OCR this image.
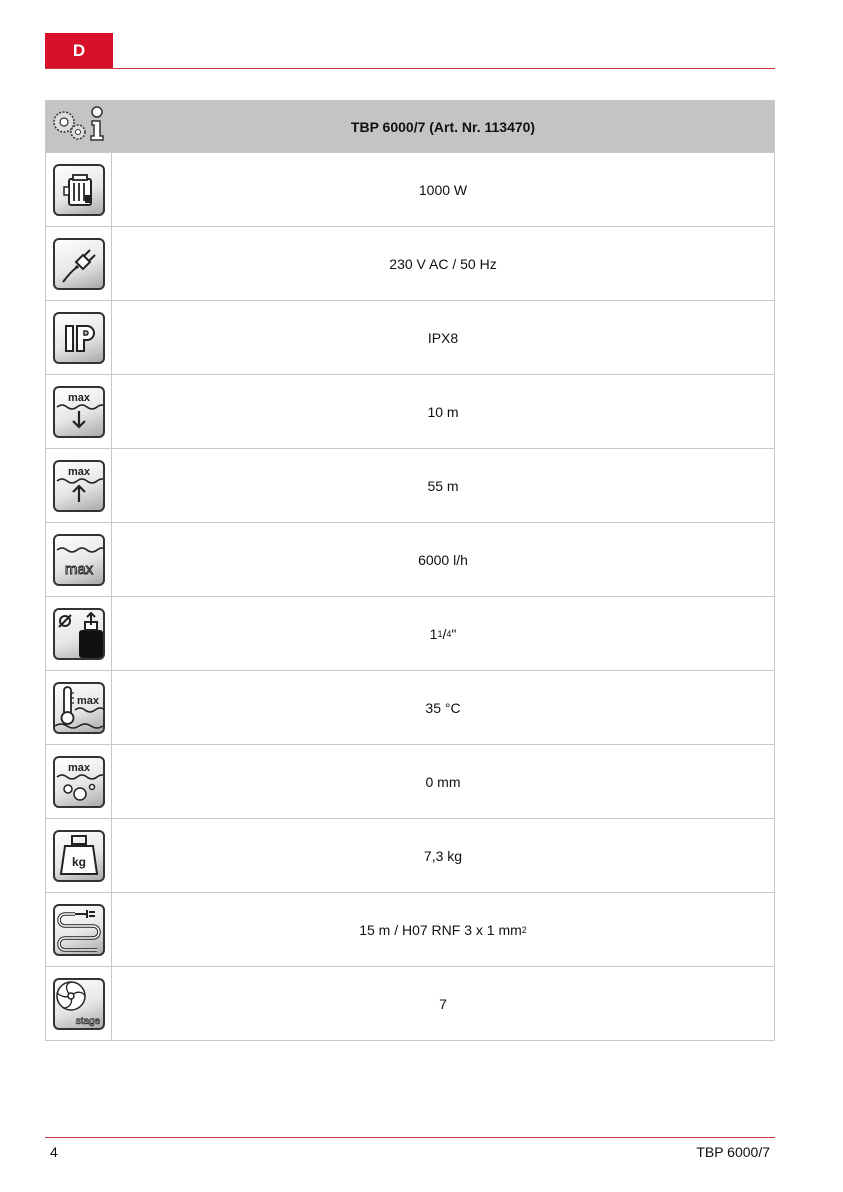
D
TBP 6000/7 (Art. Nr. 113470)
1000 W
230 V AC / 50 Hz
IPX8
max
10 m
max
55 m
max
6000 l/h
1 1 / 4 "
max	35 °C
max
0 mm
kg	7,3 kg
15 m / H07 RNF 3 x 1 mm 2
stage
7
4	TBP 6000/7
